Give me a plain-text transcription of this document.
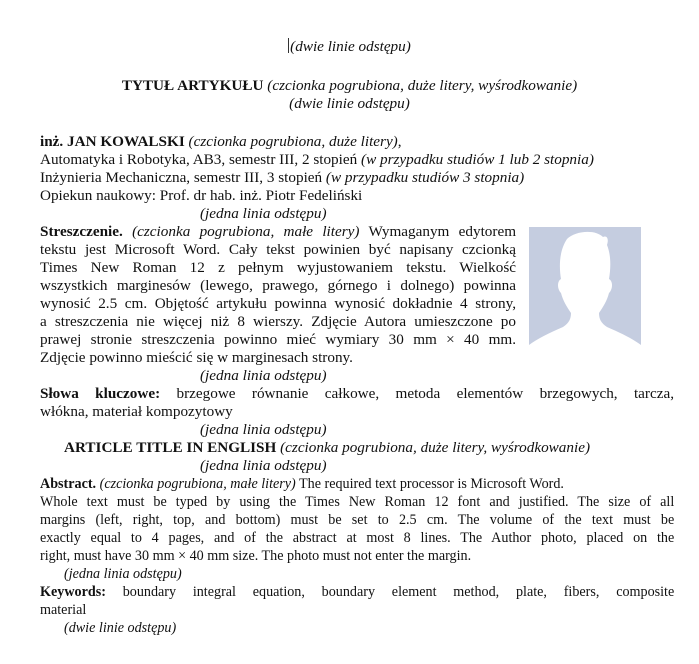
(dwie linie odstępu)
TYTUŁ ARTYKUŁU (czcionka pogrubiona, duże litery, wyśrodkowanie)
(dwie linie odstępu)
inż. JAN KOWALSKI (czcionka pogrubiona, duże litery),
Automatyka i Robotyka, AB3, semestr III, 2 stopień (w przypadku studiów 1 lub 2 stopnia)
Inżynieria Mechaniczna, semestr III, 3 stopień (w przypadku studiów 3 stopnia)
Opiekun naukowy: Prof. dr hab. inż. Piotr Fedeliński
(jedna linia odstępu)
Streszczenie. (czcionka pogrubiona, małe litery) Wymaganym edytorem
tekstu jest Microsoft Word. Cały tekst powinien być napisany czcionką
Times New Roman 12 z pełnym wyjustowaniem tekstu. Wielkość
wszystkich marginesów (lewego, prawego, górnego i dolnego) powinna
wynosić 2.5 cm. Objętość artykułu powinna wynosić dokładnie 4 strony,
a streszczenia nie więcej niż 8 wierszy. Zdjęcie Autora umieszczone po
prawej stronie streszczenia powinno mieć wymiary 30 mm × 40 mm.
Zdjęcie powinno mieścić się w marginesach strony.
(jedna linia odstępu)
Słowa kluczowe: brzegowe równanie całkowe, metoda elementów brzegowych, tarcza,
włókna, materiał kompozytowy
(jedna linia odstępu)
ARTICLE TITLE IN ENGLISH (czcionka pogrubiona, duże litery, wyśrodkowanie)
(jedna linia odstępu)
Abstract. (czcionka pogrubiona, małe litery) The required text processor is Microsoft Word.
Whole text must be typed by using the Times New Roman 12 font and justified. The size of all
margins (left, right, top, and bottom) must be set to 2.5 cm. The volume of the text must be
exactly equal to 4 pages, and of the abstract at most 8 lines. The Author photo, placed on the
right, must have 30 mm × 40 mm size. The photo must not enter the margin.
(jedna linia odstępu)
Keywords: boundary integral equation, boundary element method, plate, fibers, composite
material
(dwie linie odstępu)
